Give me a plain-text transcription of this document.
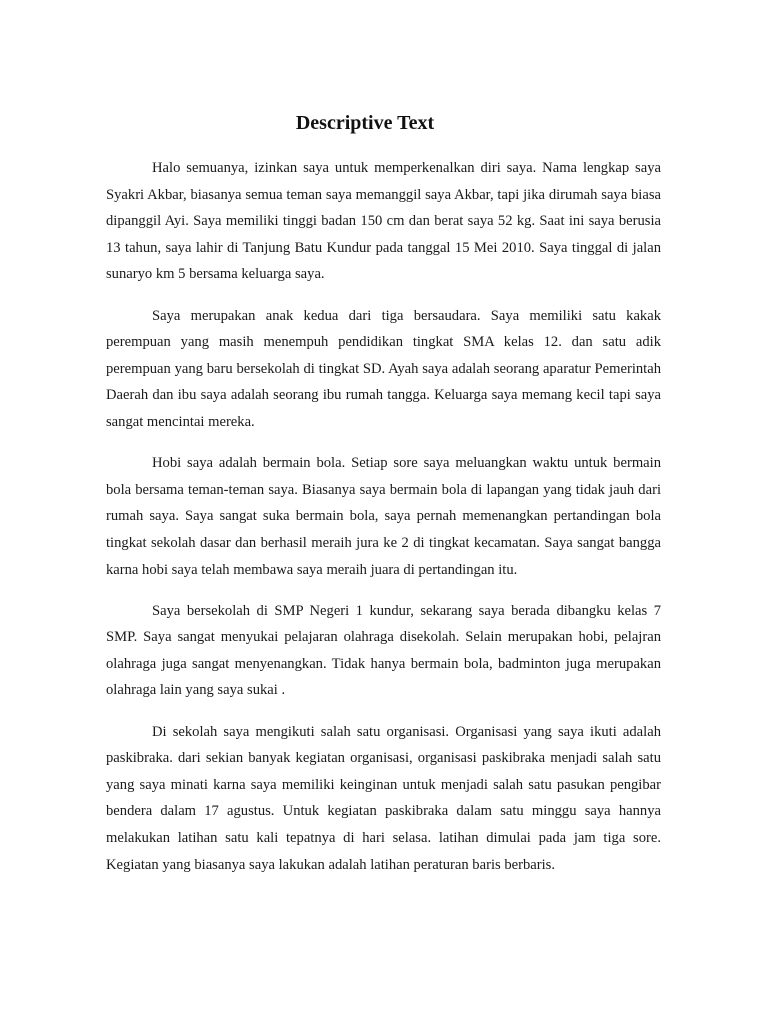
Descriptive Text

Halo semuanya, izinkan saya untuk memperkenalkan diri saya. Nama lengkap saya Syakri Akbar, biasanya semua teman saya memanggil saya Akbar, tapi jika dirumah saya biasa dipanggil Ayi. Saya memiliki tinggi badan 150 cm dan berat saya 52 kg. Saat ini saya berusia 13 tahun, saya lahir di Tanjung Batu Kundur pada tanggal 15 Mei 2010. Saya tinggal di jalan sunaryo km 5 bersama keluarga saya.

Saya merupakan anak kedua dari tiga bersaudara. Saya memiliki satu kakak perempuan yang masih menempuh pendidikan tingkat SMA kelas 12. dan satu adik perempuan yang baru bersekolah di tingkat SD. Ayah saya adalah seorang aparatur Pemerintah Daerah dan ibu saya adalah seorang ibu rumah tangga. Keluarga saya memang kecil tapi saya sangat mencintai mereka.

Hobi saya adalah bermain bola. Setiap sore saya meluangkan waktu untuk bermain bola bersama teman-teman saya. Biasanya saya bermain bola di lapangan yang tidak jauh dari rumah saya. Saya sangat suka bermain bola, saya pernah memenangkan pertandingan bola tingkat sekolah dasar dan berhasil meraih jura ke 2 di tingkat kecamatan. Saya sangat bangga karna hobi saya telah membawa saya meraih juara di pertandingan itu.

Saya bersekolah di SMP Negeri 1 kundur, sekarang saya berada dibangku kelas 7 SMP. Saya sangat menyukai pelajaran olahraga disekolah. Selain merupakan hobi, pelajran olahraga juga sangat menyenangkan. Tidak hanya bermain bola, badminton juga merupakan olahraga lain yang saya sukai .

Di sekolah saya mengikuti salah satu organisasi. Organisasi yang saya ikuti adalah paskibraka. dari sekian banyak kegiatan organisasi, organisasi paskibraka menjadi salah satu yang saya minati karna saya memiliki keinginan untuk menjadi salah satu pasukan pengibar bendera dalam 17 agustus. Untuk kegiatan paskibraka dalam satu minggu saya hannya melakukan latihan satu kali tepatnya di hari selasa. latihan dimulai pada jam tiga sore. Kegiatan yang biasanya saya lakukan adalah latihan peraturan baris berbaris.
